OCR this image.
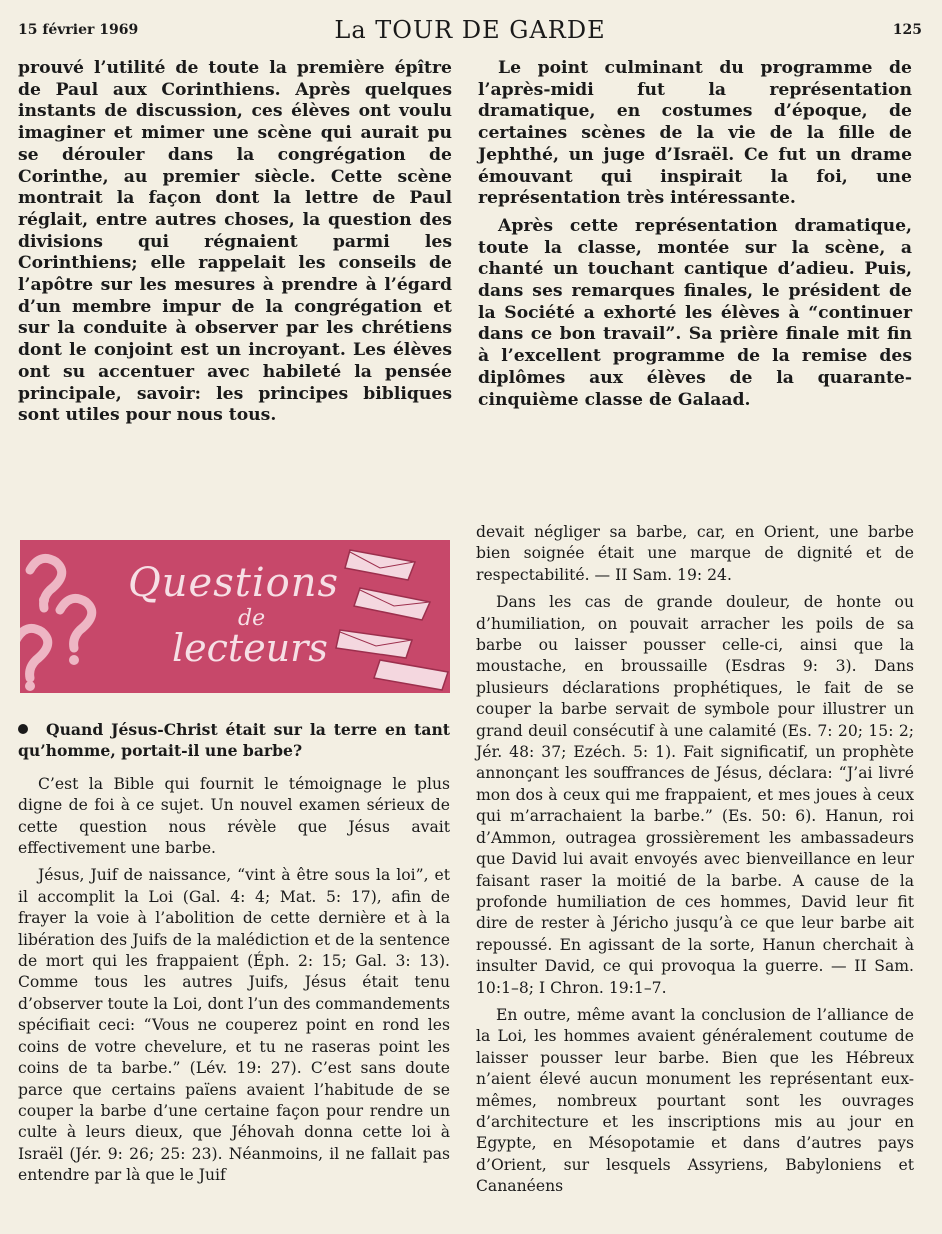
15 février 1969	La TOUR DE GARDE	125

prouvé l’utilité de toute la première épître de Paul aux Corinthiens. Après quelques instants de discussion, ces élèves ont voulu imaginer et mimer une scène qui aurait pu se dérouler dans la congrégation de Corinthe, au premier siècle. Cette scène montrait la façon dont la lettre de Paul réglait, entre autres choses, la question des divisions qui régnaient parmi les Corinthiens; elle rappelait les conseils de l’apôtre sur les mesures à prendre à l’égard d’un membre impur de la congrégation et sur la conduite à observer par les chrétiens dont le conjoint est un incroyant. Les élèves ont su accentuer avec habileté la pensée principale, savoir: les principes bibliques sont utiles pour nous tous.

Le point culminant du programme de l’après-midi fut la représentation dramatique, en costumes d’époque, de certaines scènes de la vie de la fille de Jephthé, un juge d’Israël. Ce fut un drame émouvant qui inspirait la foi, une représentation très intéressante.

Après cette représentation dramatique, toute la classe, montée sur la scène, a chanté un touchant cantique d’adieu. Puis, dans ses remarques finales, le président de la Société a exhorté les élèves à “continuer dans ce bon travail”. Sa prière finale mit fin à l’excellent programme de la remise des diplômes aux élèves de la quarante-cinquième classe de Galaad.

Questions
de
lecteurs

Quand Jésus-Christ était sur la terre en tant qu’homme, portait-il une barbe?

C’est la Bible qui fournit le témoignage le plus digne de foi à ce sujet. Un nouvel examen sérieux de cette question nous révèle que Jésus avait effectivement une barbe.

Jésus, Juif de naissance, “vint à être sous la loi”, et il accomplit la Loi (Gal. 4: 4; Mat. 5: 17), afin de frayer la voie à l’abolition de cette dernière et à la libération des Juifs de la malédiction et de la sentence de mort qui les frappaient (Éph. 2: 15; Gal. 3: 13). Comme tous les autres Juifs, Jésus était tenu d’observer toute la Loi, dont l’un des commandements spécifiait ceci: “Vous ne couperez point en rond les coins de votre chevelure, et tu ne raseras point les coins de ta barbe.” (Lév. 19: 27). C’est sans doute parce que certains païens avaient l’habitude de se couper la barbe d’une certaine façon pour rendre un culte à leurs dieux, que Jéhovah donna cette loi à Israël (Jér. 9: 26; 25: 23). Néanmoins, il ne fallait pas entendre par là que le Juif

devait négliger sa barbe, car, en Orient, une barbe bien soignée était une marque de dignité et de respectabilité. — II Sam. 19: 24.

Dans les cas de grande douleur, de honte ou d’humiliation, on pouvait arracher les poils de sa barbe ou laisser pousser celle-ci, ainsi que la moustache, en broussaille (Esdras 9: 3). Dans plusieurs déclarations prophétiques, le fait de se couper la barbe servait de symbole pour illustrer un grand deuil consécutif à une calamité (Es. 7: 20; 15: 2; Jér. 48: 37; Ezéch. 5: 1). Fait significatif, un prophète annonçant les souffrances de Jésus, déclara: “J’ai livré mon dos à ceux qui me frappaient, et mes joues à ceux qui m’arrachaient la barbe.” (Es. 50: 6). Hanun, roi d’Ammon, outragea grossièrement les ambassadeurs que David lui avait envoyés avec bienveillance en leur faisant raser la moitié de la barbe. A cause de la profonde humiliation de ces hommes, David leur fit dire de rester à Jéricho jusqu’à ce que leur barbe ait repoussé. En agissant de la sorte, Hanun cherchait à insulter David, ce qui provoqua la guerre. — II Sam. 10:1–8; I Chron. 19:1–7.

En outre, même avant la conclusion de l’alliance de la Loi, les hommes avaient généralement coutume de laisser pousser leur barbe. Bien que les Hébreux n’aient élevé aucun monument les représentant eux-mêmes, nombreux pourtant sont les ouvrages d’architecture et les inscriptions mis au jour en Egypte, en Mésopotamie et dans d’autres pays d’Orient, sur lesquels Assyriens, Babyloniens et Cananéens
